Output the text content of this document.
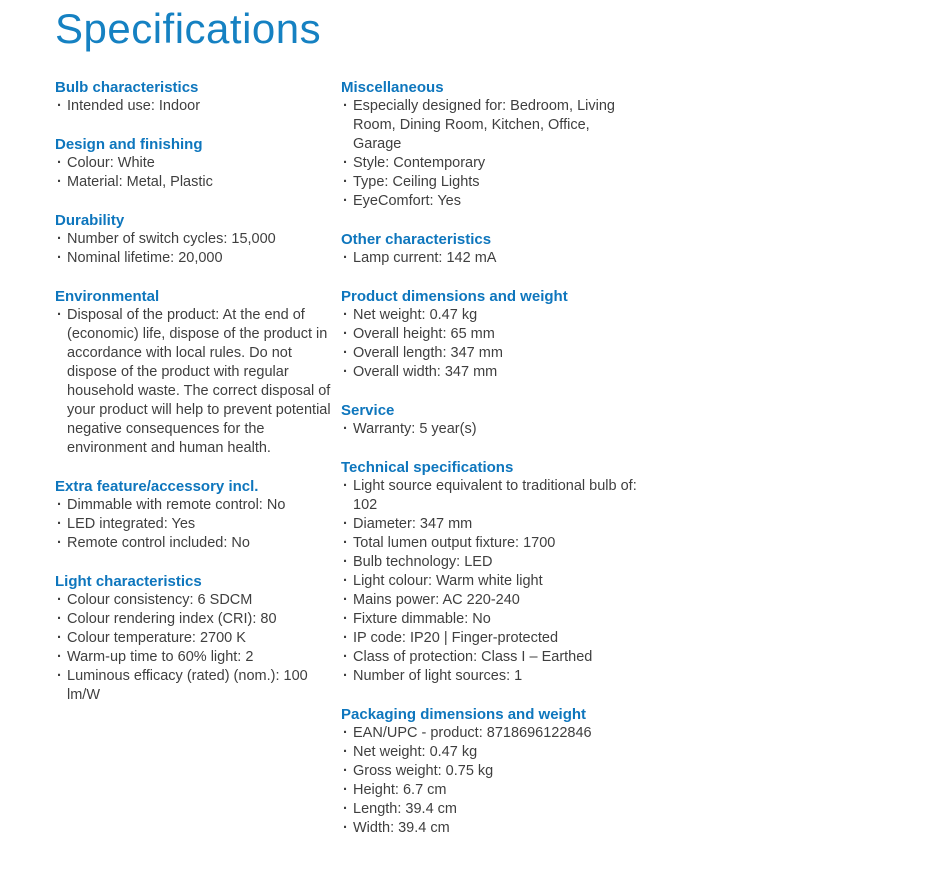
Specifications
Bulb characteristics
· Intended use: Indoor
Design and finishing
· Colour: White
· Material: Metal, Plastic
Durability
· Number of switch cycles: 15,000
· Nominal lifetime: 20,000
Environmental
· Disposal of the product: At the end of (economic) life, dispose of the product in accordance with local rules. Do not dispose of the product with regular household waste. The correct disposal of your product will help to prevent potential negative consequences for the environment and human health.
Extra feature/accessory incl.
· Dimmable with remote control: No
· LED integrated: Yes
· Remote control included: No
Light characteristics
· Colour consistency: 6 SDCM
· Colour rendering index (CRI): 80
· Colour temperature: 2700 K
· Warm-up time to 60% light: 2
· Luminous efficacy (rated) (nom.): 100 lm/W
Miscellaneous
· Especially designed for: Bedroom, Living Room, Dining Room, Kitchen, Office, Garage
· Style: Contemporary
· Type: Ceiling Lights
· EyeComfort: Yes
Other characteristics
· Lamp current: 142 mA
Product dimensions and weight
· Net weight: 0.47 kg
· Overall height: 65 mm
· Overall length: 347 mm
· Overall width: 347 mm
Service
· Warranty: 5 year(s)
Technical specifications
· Light source equivalent to traditional bulb of: 102
· Diameter: 347 mm
· Total lumen output fixture: 1700
· Bulb technology: LED
· Light colour: Warm white light
· Mains power: AC 220-240
· Fixture dimmable: No
· IP code: IP20 | Finger-protected
· Class of protection: Class I – Earthed
· Number of light sources: 1
Packaging dimensions and weight
· EAN/UPC - product: 8718696122846
· Net weight: 0.47 kg
· Gross weight: 0.75 kg
· Height: 6.7 cm
· Length: 39.4 cm
· Width: 39.4 cm
